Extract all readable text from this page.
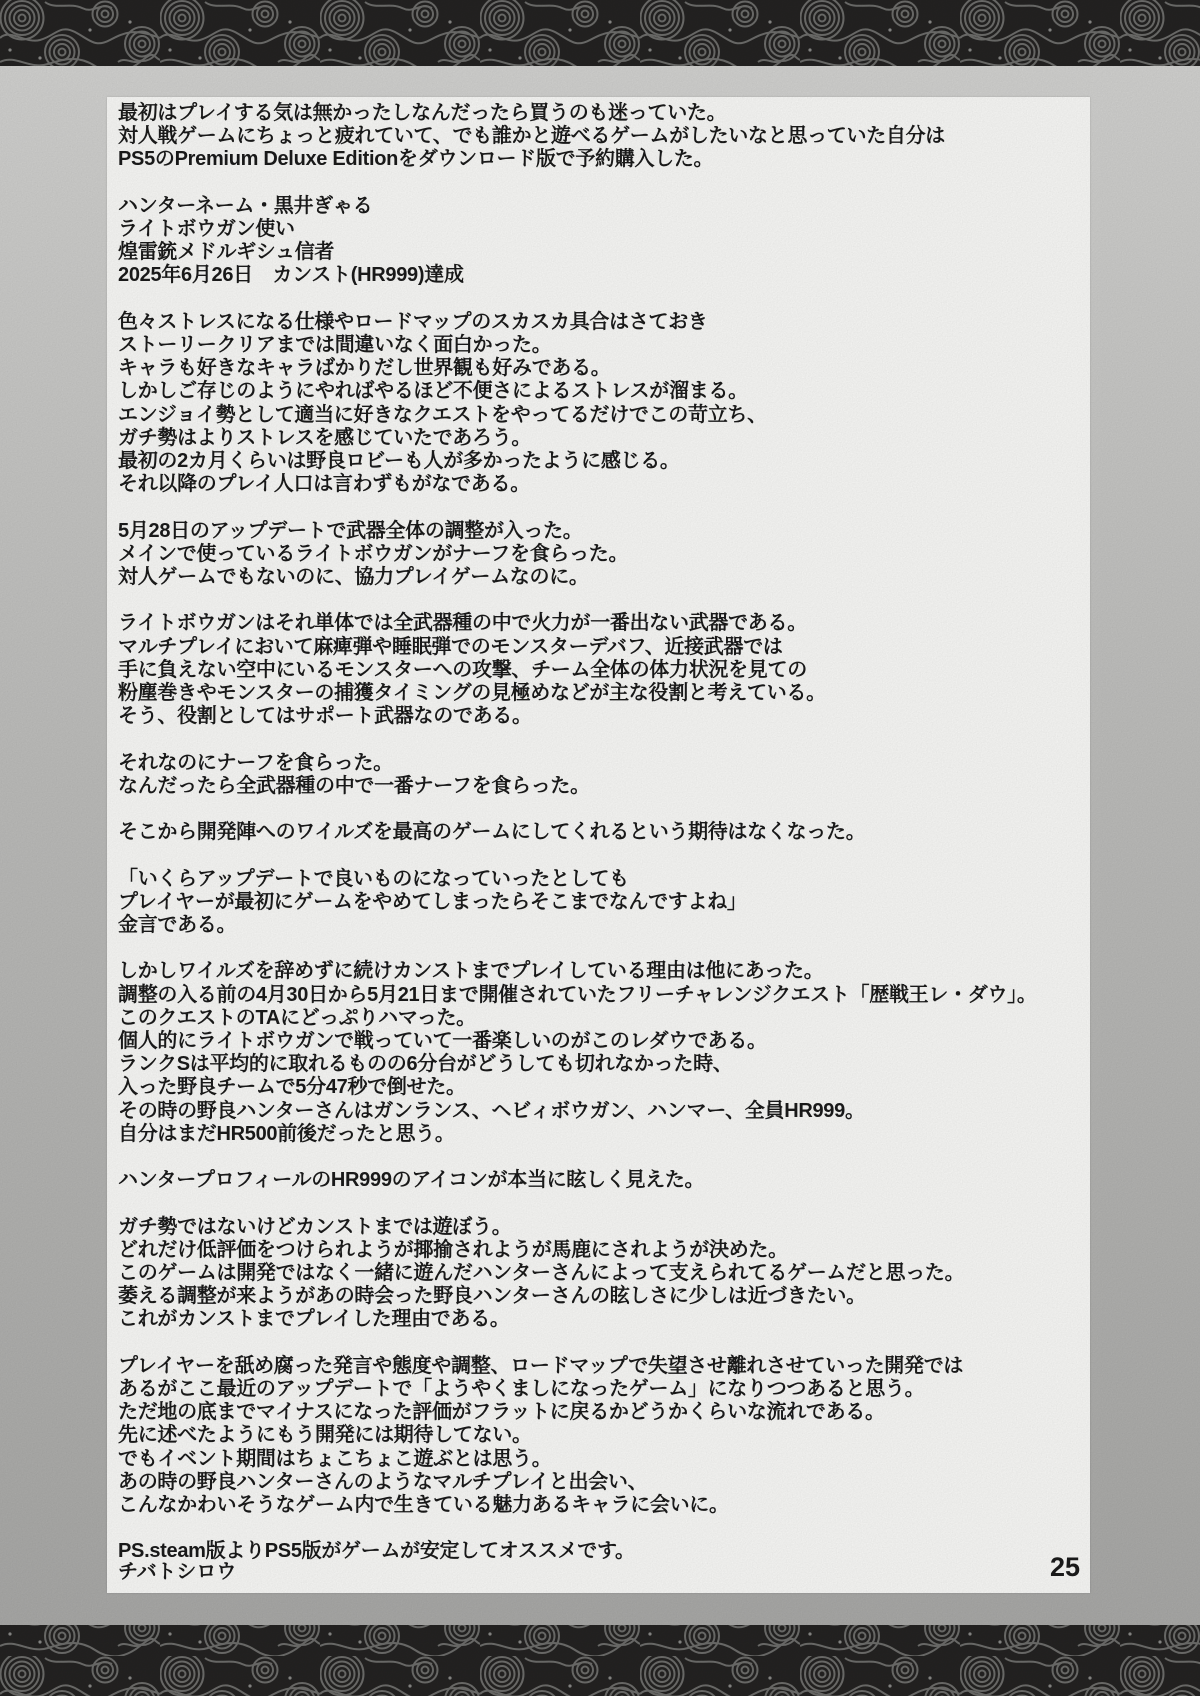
最初はプレイする気は無かったしなんだったら買うのも迷っていた。
対人戦ゲームにちょっと疲れていて、でも誰かと遊べるゲームがしたいなと思っていた自分は
PS5のPremium Deluxe Editionをダウンロード版で予約購入した。
ハンターネーム・黒井ぎゃる
ライトボウガン使い
煌雷銃メドルギシュ信者
2025年6月26日　カンスト(HR999)達成
色々ストレスになる仕様やロードマップのスカスカ具合はさておき
ストーリークリアまでは間違いなく面白かった。
キャラも好きなキャラばかりだし世界観も好みである。
しかしご存じのようにやればやるほど不便さによるストレスが溜まる。
エンジョイ勢として適当に好きなクエストをやってるだけでこの苛立ち、
ガチ勢はよりストレスを感じていたであろう。
最初の2カ月くらいは野良ロビーも人が多かったように感じる。
それ以降のプレイ人口は言わずもがなである。
5月28日のアップデートで武器全体の調整が入った。
メインで使っているライトボウガンがナーフを食らった。
対人ゲームでもないのに、協力プレイゲームなのに。
ライトボウガンはそれ単体では全武器種の中で火力が一番出ない武器である。
マルチプレイにおいて麻痺弾や睡眠弾でのモンスターデバフ、近接武器では
手に負えない空中にいるモンスターへの攻撃、チーム全体の体力状況を見ての
粉塵巻きやモンスターの捕獲タイミングの見極めなどが主な役割と考えている。
そう、役割としてはサポート武器なのである。
それなのにナーフを食らった。
なんだったら全武器種の中で一番ナーフを食らった。
そこから開発陣へのワイルズを最高のゲームにしてくれるという期待はなくなった。
「いくらアップデートで良いものになっていったとしても
プレイヤーが最初にゲームをやめてしまったらそこまでなんですよね」
金言である。
しかしワイルズを辞めずに続けカンストまでプレイしている理由は他にあった。
調整の入る前の4月30日から5月21日まで開催されていたフリーチャレンジクエスト「歴戦王レ・ダウ」。
このクエストのTAにどっぷりハマった。
個人的にライトボウガンで戦っていて一番楽しいのがこのレダウである。
ランクSは平均的に取れるものの6分台がどうしても切れなかった時、
入った野良チームで5分47秒で倒せた。
その時の野良ハンターさんはガンランス、ヘビィボウガン、ハンマー、全員HR999。
自分はまだHR500前後だったと思う。
ハンタープロフィールのHR999のアイコンが本当に眩しく見えた。
ガチ勢ではないけどカンストまでは遊ぼう。
どれだけ低評価をつけられようが揶揄されようが馬鹿にされようが決めた。
このゲームは開発ではなく一緒に遊んだハンターさんによって支えられてるゲームだと思った。
萎える調整が来ようがあの時会った野良ハンターさんの眩しさに少しは近づきたい。
これがカンストまでプレイした理由である。
プレイヤーを舐め腐った発言や態度や調整、ロードマップで失望させ離れさせていった開発では
あるがここ最近のアップデートで「ようやくましになったゲーム」になりつつあると思う。
ただ地の底までマイナスになった評価がフラットに戻るかどうかくらいな流れである。
先に述べたようにもう開発には期待してない。
でもイベント期間はちょこちょこ遊ぶとは思う。
あの時の野良ハンターさんのようなマルチプレイと出会い、
こんなかわいそうなゲーム内で生きている魅力あるキャラに会いに。
PS.steam版よりPS5版がゲームが安定してオススメです。
チバトシロウ	25
